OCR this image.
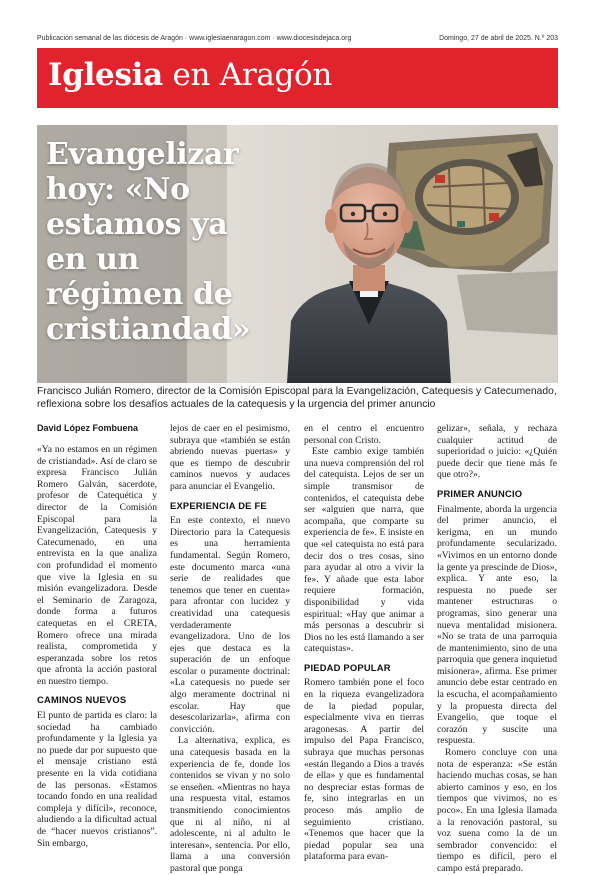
Publicación semanal de las diócesis de Aragón · www.iglesiaenaragon.com · www.diocesisdejaca.org	Domingo, 27 de abril de 2025. N.º 203
Iglesia en Aragón
Evangelizar hoy: «No estamos ya en un régimen de cristiandad»
Francisco Julián Romero, director de la Comisión Episcopal para la Evangelización, Catequesis y Catecumenado, reflexiona sobre los desafíos actuales de la catequesis y la urgencia del primer anuncio
David López Fombuena

«Ya no estamos en un régimen de cristiandad». Así de claro se expresa Francisco Julián Romero Galván, sacerdote, profesor de Catequética y director de la Comisión Episcopal para la Evangelización, Catequesis y Catecumenado, en una entrevista en la que analiza con profundidad el momento que vive la Iglesia en su misión evangelizadora. Desde el Seminario de Zaragoza, donde forma a futuros catequetas en el CRETA, Romero ofrece una mirada realista, comprometida y esperanzada sobre los retos que afronta la acción pastoral en nuestro tiempo.

CAMINOS NUEVOS

El punto de partida es claro: la sociedad ha cambiado profundamente y la Iglesia ya no puede dar por supuesto que el mensaje cristiano está presente en la vida cotidiana de las personas. «Estamos tocando fondo en una realidad compleja y difícil», reconoce, aludiendo a la dificultad actual de “hacer nuevos cristianos”. Sin embargo,

lejos de caer en el pesimismo, subraya que «también se están abriendo nuevas puertas» y que es tiempo de descubrir caminos nuevos y audaces para anunciar el Evangelio.

EXPERIENCIA DE FE

En este contexto, el nuevo Directorio para la Catequesis es una herramienta fundamental. Según Romero, este documento marca «una serie de realidades que tenemos que tener en cuenta» para afrontar con lucidez y creatividad una catequesis verdaderamente evangelizadora. Uno de los ejes que destaca es la superación de un enfoque escolar o puramente doctrinal: «La catequesis no puede ser algo meramente doctrinal ni escolar. Hay que desescolarizarla», afirma con convicción.

La alternativa, explica, es una catequesis basada en la experiencia de fe, donde los contenidos se vivan y no solo se enseñen. «Mientras no haya una respuesta vital, estamos transmitiendo conocimientos que ni al niño, ni al adolescente, ni al adulto le interesan», sentencia. Por ello, llama a una conversión pastoral que ponga

en el centro el encuentro personal con Cristo.

Este cambio exige también una nueva comprensión del rol del catequista. Lejos de ser un simple transmisor de contenidos, el catequista debe ser «alguien que narra, que acompaña, que comparte su experiencia de fe». E insiste en que «el catequista no está para decir dos o tres cosas, sino para ayudar al otro a vivir la fe». Y añade que esta labor requiere formación, disponibilidad y vida espiritual: «Hay que animar a más personas a descubrir si Dios no les está llamando a ser catequistas».

PIEDAD POPULAR

Romero también pone el foco en la riqueza evangelizadora de la piedad popular, especialmente viva en tierras aragonesas. A partir del impulso del Papa Francisco, subraya que muchas personas «están llegando a Dios a través de ella» y que es fundamental no despreciar estas formas de fe, sino integrarlas en un proceso más amplio de seguimiento cristiano. «Tenemos que hacer que la piedad popular sea una plataforma para evan-

gelizar», señala, y rechaza cualquier actitud de superioridad o juicio: «¿Quién puede decir que tiene más fe que otro?».

PRIMER ANUNCIO

Finalmente, aborda la urgencia del primer anuncio, el kerigma, en un mundo profundamente secularizado. «Vivimos en un entorno donde la gente ya prescinde de Dios», explica. Y ante eso, la respuesta no puede ser mantener estructuras o programas, sino generar una nueva mentalidad misionera. «No se trata de una parroquia de mantenimiento, sino de una parroquia que genera inquietud misionera», afirma. Ese primer anuncio debe estar centrado en la escucha, el acompañamiento y la propuesta directa del Evangelio, que toque el corazón y suscite una respuesta.

Romero concluye con una nota de esperanza: «Se están haciendo muchas cosas, se han abierto caminos y eso, en los tiempos que vivimos, no es poco». En una Iglesia llamada a la renovación pastoral, su voz suena como la de un sembrador convencido: el tiempo es difícil, pero el campo está preparado.
